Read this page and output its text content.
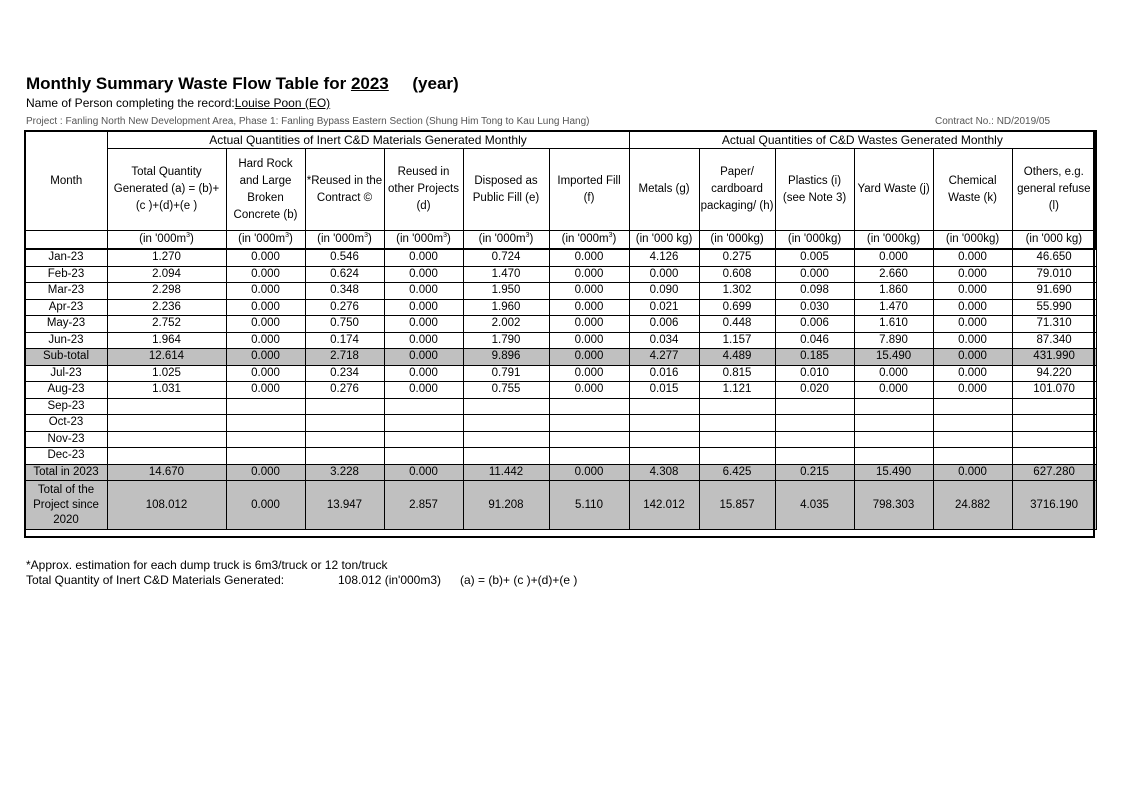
Monthly Summary Waste Flow Table for 2023 (year)
Name of Person completing the record:Louise Poon (EO)
Project : Fanling North New Development Area, Phase 1: Fanling Bypass Eastern Section (Shung Him Tong to Kau Lung Hang)	Contract No.: ND/2019/05
Month	Actual Quantities of Inert C&D Materials Generated Monthly						Actual Quantities of C&D Wastes Generated Monthly					
	Total Quantity Generated (a) = (b)+ (c )+(d)+(e )	Hard Rock and Large Broken Concrete (b)	*Reused in the Contract ©	Reused in other Projects (d)	Disposed as Public Fill (e)	Imported Fill (f)	Metals (g)	Paper/ cardboard packaging/ (h)	Plastics (i) (see Note 3)	Yard Waste (j)	Chemical Waste (k)	Others, e.g. general refuse (l)
	(in '$000m^3$)	(in '$000m^3$)	(in '$000m^3$)	(in '$000m^3$)	(in '$000m^3$)	(in '$000m^3$)	(in '000 kg)	(in '000kg)	(in '000kg)	(in '000kg)	(in '000kg)	(in '000 kg)
Jan-23	1.270	0.000	0.546	0.000	0.724	0.000	4.126	0.275	0.005	0.000	0.000	46.650
Feb-23	2.094	0.000	0.624	0.000	1.470	0.000	0.000	0.608	0.000	2.660	0.000	79.010
Mar-23	2.298	0.000	0.348	0.000	1.950	0.000	0.090	1.302	0.098	1.860	0.000	91.690
Apr-23	2.236	0.000	0.276	0.000	1.960	0.000	0.021	0.699	0.030	1.470	0.000	55.990
May-23	2.752	0.000	0.750	0.000	2.002	0.000	0.006	0.448	0.006	1.610	0.000	71.310
Jun-23	1.964	0.000	0.174	0.000	1.790	0.000	0.034	1.157	0.046	7.890	0.000	87.340
Sub-total	12.614	0.000	2.718	0.000	9.896	0.000	4.277	4.489	0.185	15.490	0.000	431.990
Jul-23	1.025	0.000	0.234	0.000	0.791	0.000	0.016	0.815	0.010	0.000	0.000	94.220
Aug-23	1.031	0.000	0.276	0.000	0.755	0.000	0.015	1.121	0.020	0.000	0.000	101.070
Sep-23												
Oct-23												
Nov-23												
Dec-23												
Total in 2023	14.670	0.000	3.228	0.000	11.442	0.000	4.308	6.425	0.215	15.490	0.000	627.280
Total of the Project since 2020	108.012	0.000	13.947	2.857	91.208	5.110	142.012	15.857	4.035	798.303	24.882	3716.190
*Approx. estimation for each dump truck is 6m3/truck or 12 ton/truck
Total Quantity of Inert C&D Materials Generated:	108.012 (in'000m3) (a) = (b)+ (c )+(d)+(e )
